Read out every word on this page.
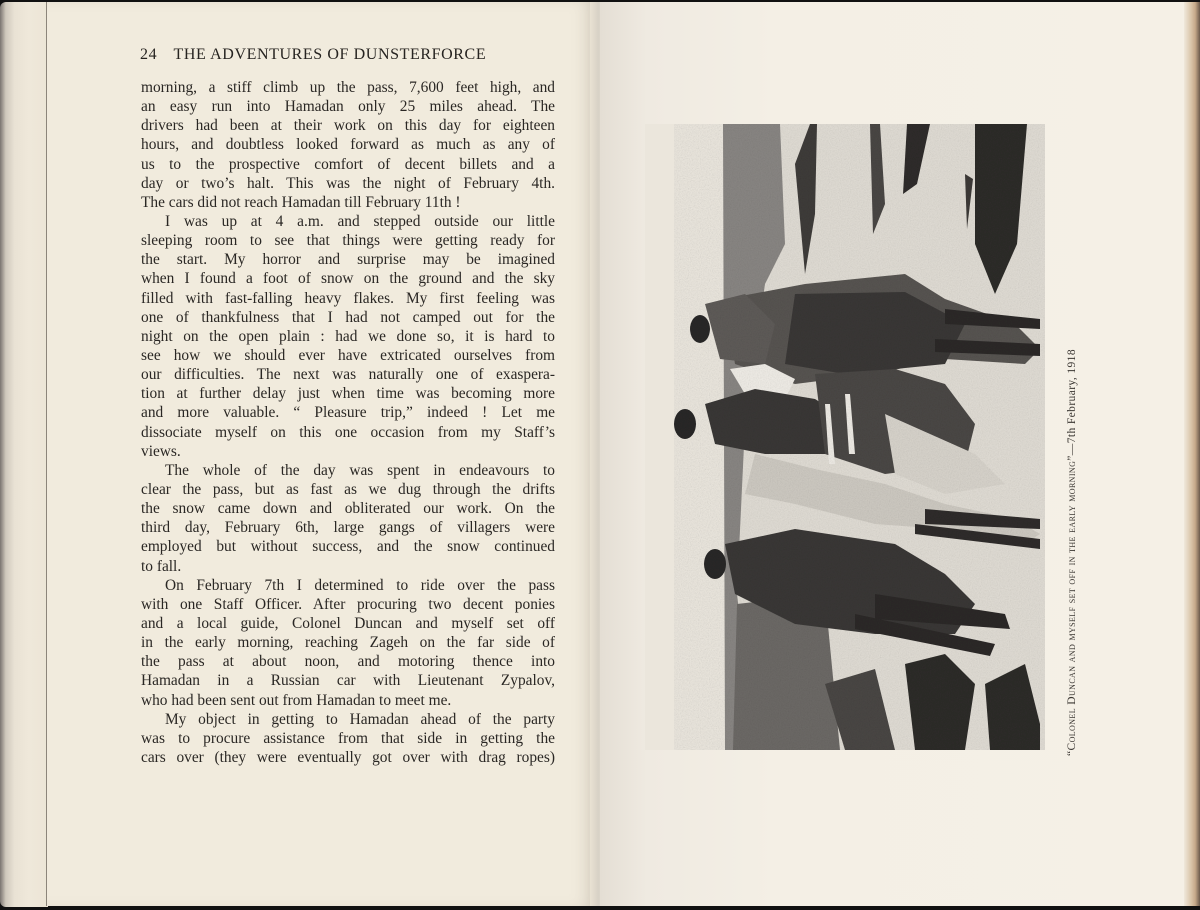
24 THE ADVENTURES OF DUNSTERFORCE
morning, a stiff climb up the pass, 7,600 feet high, and
an easy run into Hamadan only 25 miles ahead. The
drivers had been at their work on this day for eighteen
hours, and doubtless looked forward as much as any of
us to the prospective comfort of decent billets and a
day or two’s halt. This was the night of February 4th.
The cars did not reach Hamadan till February 11th !
I was up at 4 a.m. and stepped outside our little
sleeping room to see that things were getting ready for
the start. My horror and surprise may be imagined
when I found a foot of snow on the ground and the sky
filled with fast-falling heavy flakes. My first feeling was
one of thankfulness that I had not camped out for the
night on the open plain : had we done so, it is hard to
see how we should ever have extricated ourselves from
our difficulties. The next was naturally one of exaspera-
tion at further delay just when time was becoming more
and more valuable. “ Pleasure trip,” indeed ! Let me
dissociate myself on this one occasion from my Staff’s
views.
The whole of the day was spent in endeavours to
clear the pass, but as fast as we dug through the drifts
the snow came down and obliterated our work. On the
third day, February 6th, large gangs of villagers were
employed but without success, and the snow continued
to fall.
On February 7th I determined to ride over the pass
with one Staff Officer. After procuring two decent ponies
and a local guide, Colonel Duncan and myself set off
in the early morning, reaching Zageh on the far side of
the pass at about noon, and motoring thence into
Hamadan in a Russian car with Lieutenant Zypalov,
who had been sent out from Hamadan to meet me.
My object in getting to Hamadan ahead of the party
was to procure assistance from that side in getting the
cars over (they were eventually got over with drag ropes)	“Colonel Duncan and myself set off in the early morning”—7th February, 1918
